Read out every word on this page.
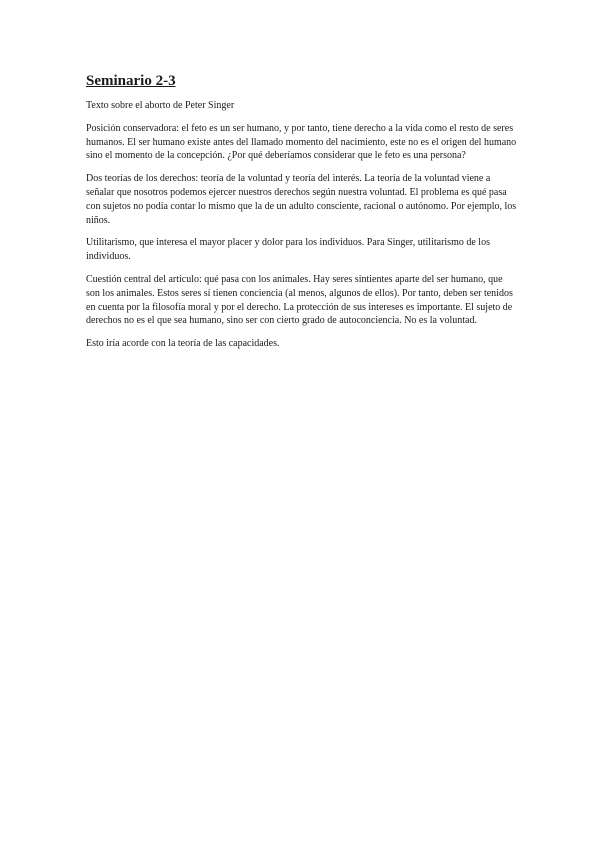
Seminario 2-3

Texto sobre el aborto de Peter Singer

Posición conservadora: el feto es un ser humano, y por tanto, tiene derecho a la vida como el resto de seres humanos. El ser humano existe antes del llamado momento del nacimiento, este no es el origen del humano sino el momento de la concepción. ¿Por qué deberíamos considerar que le feto es una persona?

Dos teorías de los derechos: teoría de la voluntad y teoría del interés. La teoría de la voluntad viene a señalar que nosotros podemos ejercer nuestros derechos según nuestra voluntad. El problema es qué pasa con sujetos no podía contar lo mismo que la de un adulto consciente, racional o autónomo. Por ejemplo, los niños.

Utilitarismo, que interesa el mayor placer y dolor para los individuos. Para Singer, utilitarismo de los individuos.

Cuestión central del artículo: qué pasa con los animales. Hay seres sintientes aparte del ser humano, que son los animales. Estos seres sí tienen conciencia (al menos, algunos de ellos). Por tanto, deben ser tenidos en cuenta por la filosofía moral y por el derecho. La protección de sus intereses es importante. El sujeto de derechos no es el que sea humano, sino ser con cierto grado de autoconciencia. No es la voluntad.

Esto iría acorde con la teoría de las capacidades.
